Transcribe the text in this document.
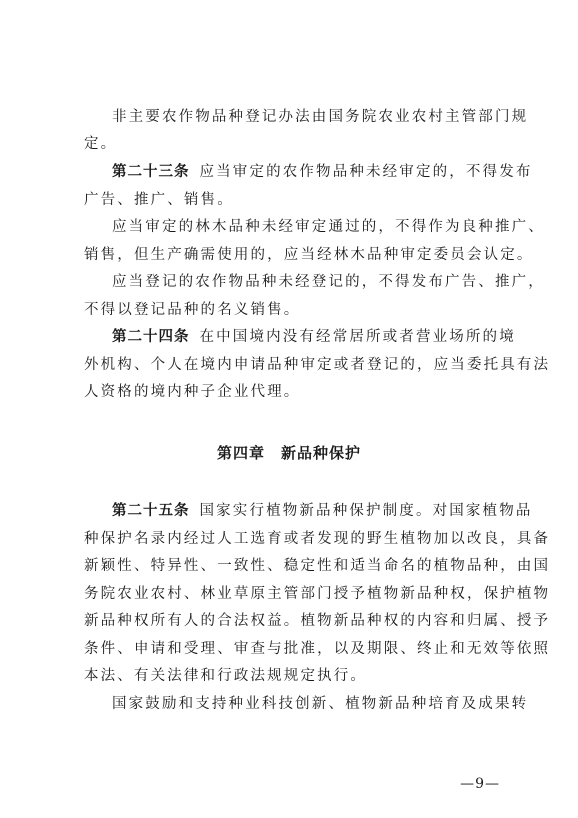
非主要农作物品种登记办法由国务院农业农村主管部门规
定。
第二十三条 应当审定的农作物品种未经审定的，不得发布
广告、推广、销售。
应当审定的林木品种未经审定通过的，不得作为良种推广、
销售，但生产确需使用的，应当经林木品种审定委员会认定。
应当登记的农作物品种未经登记的，不得发布广告、推广，
不得以登记品种的名义销售。
第二十四条 在中国境内没有经常居所或者营业场所的境
外机构、个人在境内申请品种审定或者登记的，应当委托具有法
人资格的境内种子企业代理。
第四章　新品种保护
第二十五条 国家实行植物新品种保护制度。对国家植物品
种保护名录内经过人工选育或者发现的野生植物加以改良，具备
新颖性、特异性、一致性、稳定性和适当命名的植物品种，由国
务院农业农村、林业草原主管部门授予植物新品种权，保护植物
新品种权所有人的合法权益。植物新品种权的内容和归属、授予
条件、申请和受理、审查与批准，以及期限、终止和无效等依照
本法、有关法律和行政法规规定执行。
国家鼓励和支持种业科技创新、植物新品种培育及成果转
—9—
